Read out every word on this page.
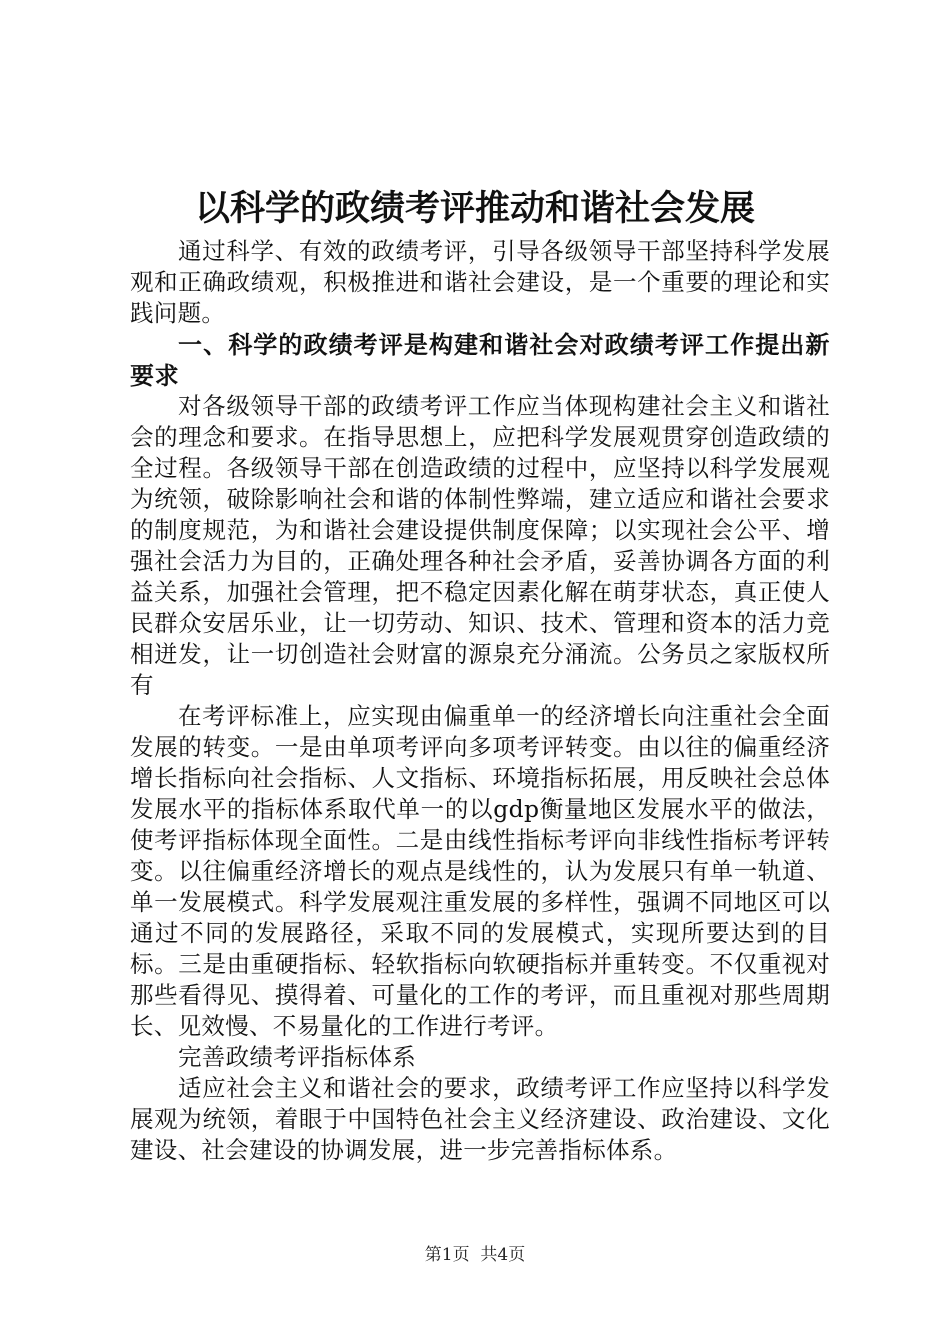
以科学的政绩考评推动和谐社会发展

通过科学、有效的政绩考评，引导各级领导干部坚持科学发展观和正确政绩观，积极推进和谐社会建设，是一个重要的理论和实践问题。

一、科学的政绩考评是构建和谐社会对政绩考评工作提出新要求

对各级领导干部的政绩考评工作应当体现构建社会主义和谐社会的理念和要求。在指导思想上，应把科学发展观贯穿创造政绩的全过程。各级领导干部在创造政绩的过程中，应坚持以科学发展观为统领，破除影响社会和谐的体制性弊端，建立适应和谐社会要求的制度规范，为和谐社会建设提供制度保障；以实现社会公平、增强社会活力为目的，正确处理各种社会矛盾，妥善协调各方面的利益关系，加强社会管理，把不稳定因素化解在萌芽状态，真正使人民群众安居乐业，让一切劳动、知识、技术、管理和资本的活力竞相迸发，让一切创造社会财富的源泉充分涌流。公务员之家版权所有

在考评标准上，应实现由偏重单一的经济增长向注重社会全面发展的转变。一是由单项考评向多项考评转变。由以往的偏重经济增长指标向社会指标、人文指标、环境指标拓展，用反映社会总体发展水平的指标体系取代单一的以gdp衡量地区发展水平的做法，使考评指标体现全面性。二是由线性指标考评向非线性指标考评转变。以往偏重经济增长的观点是线性的，认为发展只有单一轨道、单一发展模式。科学发展观注重发展的多样性，强调不同地区可以通过不同的发展路径，采取不同的发展模式，实现所要达到的目标。三是由重硬指标、轻软指标向软硬指标并重转变。不仅重视对那些看得见、摸得着、可量化的工作的考评，而且重视对那些周期长、见效慢、不易量化的工作进行考评。

完善政绩考评指标体系

适应社会主义和谐社会的要求，政绩考评工作应坚持以科学发展观为统领，着眼于中国特色社会主义经济建设、政治建设、文化建设、社会建设的协调发展，进一步完善指标体系。

第1页  共4页
